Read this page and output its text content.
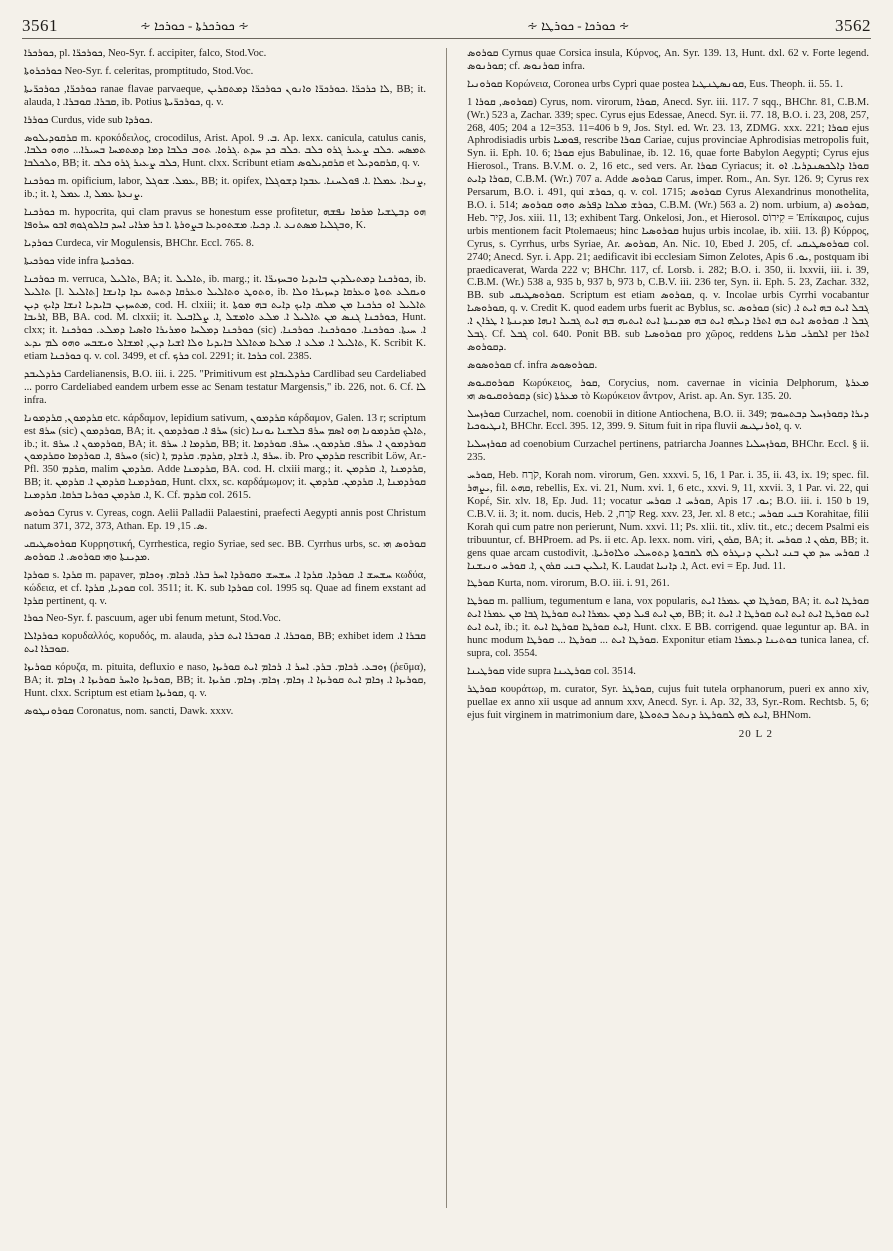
3561	∻ ܟܘܪܟܪܬܐ - ܟܘܪܟܐ ∻	∻ ܟܘܪܟܐ - ܟܘܪܛܐ ∻	3562

ܟܘܪܟܪܐ, pl. ܟܘܪܟܪ̈ܐ, Neo-Syr. f. accipiter, falco, Stod.Voc.

ܟܘܪܟܪܘܬܐ Neo-Syr. f. celeritas, promptitudo, Stod.Voc.

ܟܘܪܟܪ̈ܐ, ܟܘܪܟܪ̈ܝܬܐ ranae flavae parvaeque, ܠܐ ܟܪܟܪ̈ܐ .ܟܘܪܟܪ̈ܐ ܘܐܢܘܢ ܟܘܪܟܪ̈ܐ ܕܡܬܩܪܝܢ, BB; it. alauda, ܩܒܪܐ. ܩܘܒܪܐ. ܐ, ib. Potius ܟܘܪܟܪ̈ܝܬܐ, q. v.

ܟܘܪܪܐ Curdus, vide sub ܟܘܪܕܐ.

ܩܪܩܘܕܝܠܘܣ m. κροκόδειλος, crocodilus, Arist. Apol. ܒ. 9. Ap. lexx. canicula, catulus canis, ܬܡܣܚ .ܟܠܒ ܨܥܝܪ ܓܪܘ ܟܠܒ .ܟܠܒ ܟܕ ܚܕܬ .ܓܪܘܐ. ܬܘܒ ܟܠܒܐ ܕܡܐ ܕܡܬܡܚܐ ܒܚܝܪܐ... ܘܗܘ ܟܠܒܐ. ܘܠܟܠܒܐ, BB; it. ܟܠܒ ܨܥܝܪ ܓܪܘ ܟܠܒ, Hunt. clxx. Scribunt etiam ܩܪܩܕܝܠܘܣ et ܩܪܩܘܕܝܠ, q. v.

ܟܘܪܟܢܐ m. opificium, labor, ܥܡܠ. ܫܘܓܠ, BB; it. opifex, ܨܢܥܐ. ܥܡܠܐ .ܐ. ܦܘܠܚܢܐ. ܥܒܕܐ ܕܫܘܓܠܐ, ib.; it. ܨܢܥܬܐ ܥܡܠ ,ܐ. ܥܡܠ ,ܐ.

ܟܘܪܟܢܐ m. hypocrita, qui clam pravus se honestum esse profitetur, ܗܘ ܕܒܛܫܝܐ ܡܪܡܐ ܢܦܫܗ ܘܒܓܠܝܐ ܡܣܬܢܥ .ܐ. ܕܟܝܐ. ܡܫܬܘܕܥܐ ܒܨܘܪܬܐ .ܐ ܒܪ ܡܪܐܝ ܐܚܕ ܒܐܠܘܓܘܗ ܐܒܘ ܚܪܘܦܐ, K.

ܟܘܪܕܝܐ Curdeca, vir Mogulensis, BHChr. Eccl. 765. 8.

ܟܘܪܟܝܬܐ vide infra ܟܘܪܟܝܬܐ.

ܟܘܪܟܢܐ m. verruca, ܬܐܠܝܠ, BA; it. ܬܐܠܝܠ, ib. marg.; it. ܟܘܪܟܢܐ ܕܡܬܝܠܕܝܢ ܒܐܝܕܝܐ ܘܒܚܙܝܪ̈ܐ, ib. ܬܐܠܝܠ [l. ܬܐܠܝܠ] ܘܬܘܛ ܘܬܐܠܝܠ ܘܥܪܩܐ ܕܬܚܬ ܝܕܐ ܕܐܢܫܐ, ib. ܘܝܩܠܥ ܬܘܬܐ ܘܥܪܩܐ ܕܚܙܝܪܐ ܘܠܐ ܡܬܚܙܝܢ ܒܐܝܕܝܐ ܐܢܫܐ ܕܐܝܟ ܕܝܢ, cod. H. clxiii; it. ܬܐܠܝܠ ܐܘ ܟܪܟܢܐ ܡܢ ܡܠܩ ܕܐܝܟ ܕܐܝܬ ܒܗ ܡܘܬܐ ܐܪܝܒܐ, BB, BA. cod. M. clxxii; it. ܟܘܪܟܢܐ ܓܢܣ ܡܢ ܬܐܠܝܠ ܐ. ܡܠܥ ܘܐܡܫܠ ,ܐ. ܨܠܐܒܝܠ, Hunt. clxx; it. ܟܘܪܟܢܐ ܕܡܠܚܐ ܘܡܪܝܪܐ ܘܐܣܝܐ ܕܡܠܥ. ܟܘܪܟܢܐ (sic) ܐ. ܚܝܬܐ. ܟܘܪܟܢܐ. ܘܟܘܪܟܢܐ. ܟܘܪܟܢܐ. ܬܐܠܝܠ ܐ. ܡܠܥ ܐ. ܡܠܥܐ ܡܬܐܠܠ ܒܐܝܕܝܐ ܘܠܐ ܐܫܝܐ ܕܝܢ, ܐܡܫܐܠ ܘܝܫܒܚ ܘܗܘ ܠܡ ܝܕܥ, K. Scribit K. etiam ܟܘܪܟܢܐ q. v. col. 3499, et cf. ܟܪܟ col. 2291; it. ܟܪܟܐ col. 2385.

ܟܪܕܠܝܒܕ Cardelianensis, B.O. iii. i. 225. "Primitivum est ܟܪܕܠܝܒܐܕ Cardlibad seu Cardeliabed ... porro Cardeliabed eandem urbem esse ac Senam testatur Margensis," ib. 226, not. 6. Cf. ܠܐ infra.

ܩܪܕܡܘܢ, ܩܪܕܡܘܢܐ etc. κάρδαμον, lepidium sativum, ܩܪܕܡܘܢ κάρδαμον, Galen. 13 r; scriptum est ܚܪܦ (sic) ܩܘܪܕܡܘܢ, BA; it. ܚܪܦ ܐ. ܩܘܪܕܡܘܢ (sic) ܬܐܠܟ ܩܪܕܡܘܢܐ ܗܘ ܐܣܡ ܚܪܦ ܒܠܫܢܐ ܝܘܢܝܐ, ib.; it. ܩܘܪܕܡܘܢ ܐ. ܚܪܦ, BA; it. ܩܪܕܡܐ ܐ. ܚܪܦ, BB; it. ܩܘܪܕܡܘܢ ܐ. ܚܪܦ. ܩܪܕܡܘܢ. ܚܪܦ. ܩܘܪܕܡܐ ܘܚܪܦ ,ܐ. ܩܘܪܕܡܐ ܘܩܪܕܡܘܢ (sic) ܚܪܦ ,ܐ. ܪܫܐܕ ,ܩܪܕܡ. ܩܪܕܡ ,ܐ. ib. Pro ܩܪܕܡܢ rescribit Löw, Ar.-Pfl. 350 ܩܪܕܡ, malim ܩܪܕܡܢ. Adde ܩܪܕܡܢܐ, BA. cod. H. clxiii marg.; it. ܩܪܕܡܢܐ ,ܐ. ܩܪܕܡܢ, BB; it. ܩܘܪܕܡܢܐ ܩܪܕܡܢ ܐ. ܩܪܕܡܢ, Hunt. clxx, sc. καρδάμωμον; it. ܩܘܪܕܡܢܐ ,ܐ. ܩܪܕܡܢ. ܩܪܕܡܢ ܐ. ܩܪܕܡܢ ܟܘܪܝܐ ܒܪܩܐ. ܩܪܕܡܢܐ, K. Cf. ܩܪܕܡ col. 2615.

ܟܘܪܘܣ Cyrus v. Cyreas, cogn. Aelii Palladii Palaestini, praefecti Aegypti annis post Christum natum 371, 372, 373, Athan. Ep. ܣ. 15, 19.

ܩܘܪܘܣܛܝܩܝ Κυρρηστική, Cyrrhestica, regio Syriae, sed sec. BB. Cyrrhus urbs, sc. ܩܘܪܘܣ ܗܝ ܡܕܝܢܬܐ ܘܗܝ ܩܘܪܘܣ. ܐ. ܩܘܪܘܣ.

ܩܘܪܕܐ s. ܩܪܕܐ m. papaver, ܚܫܚܫ ܐ. ܩܘܪܕܐ. ܩܪܕܐ ܐ. ܚܫܚܫ ܘܩܘܪܕܐ ܐܚܪ ܒܪܐ. ܪܟܐܡ. ܙܘܟܐܡ κωδύα, κώδεια, et cf. ܩܘܕܝܐ, ܩܪܕܐ col. 3511; it. K. sub ܩܘܪܕܐ col. 1995 sq. Quae ad finem exstant ad ܩܪܕܐ pertinent, q. v.

ܟܘܪܐ Neo-Syr. f. pascuum, ager ubi fenum metunt, Stod.Voc.

ܟܘܪܕܐܠܐ κορυδαλλός, κορυδός, m. alauda, ܩܘܒܪܐ. ܐ. ܩܘܒܪܐ ܐܝܬ ܒܪܕ, BB; exhibet idem ܩܒܪܐ ܐ. ܩܘܒܪܐ ܐܝܬ.

ܩܘܪܝܙܐ κόρυζα, m. pituita, defluxio e naso, ܙܘܒܥ. ܪܟܐܡ. ܒܪܕ. ܐܚܪ ܐ. ܪܟܐܡ ܐܝܬ ܩܘܪܝܙܐ (ῥεῦμα), BA; it. ܩܘܪܝܙܐ ܘܐܚܪ ܩܘܪܝܙܐ ܐ. ܙܟܐܡ, BB; it. ܩܘܪܝܙܐ ܐ. ܙܟܐܡ ܐܝܬ ܩܘܪܝܙܐ ܐ. ܙܟܐܡ. ܙܟܐܡ. ܙܟܐܡ. ܩܪܝܙܐ, Hunt. clxx. Scriptum est etiam ܩܘܪܝܙܐ, q. v.

ܩܘܪܘܢܛܘܣ Coronatus, nom. sancti, Dawk. xxxv.

ܩܘܪܘܣ Cyrnus quae Corsica insula, Κύρνος, An. Syr. 139. 13, Hunt. dxl. 62 v. Forte legend. ܩܘܪܢܘܣ; cf. ܩܘܪܢܘܣ infra.

ܩܘܪܘܢܝܐ Κορώνεια, Coronea urbs Cypri quae postea ܩܘܢܣܛܢܛܝܐ, Eus. Theoph. ii. 55. 1.

ܩܘܪܘܣ, ܩܘܪܐ 1) Cyrus, nom. virorum, ܩܘܪܐ, Anecd. Syr. iii. 117. 7 sqq., BHChr. 81, C.B.M. (Wr.) 523 a, Zachar. 339; spec. Cyrus ejus Edessae, Anecd. Syr. ii. 77. 18, B.O. i. 23, 208, 257, 268, 405; 204 a 12=353. 11=406 b 9, Jos. Styl. ed. Wr. 23. 13, ZDMG. xxx. 221; ܩܘܪܐ ejus Aphrodisiadis urbis ܦܘܡܝܐ, rescribe ܩܘܪܐ Cariae, cujus provinciae Aphrodisias metropolis fuit, Syn. ii. Eph. 10. 6; ܩܘܪܐ ejus Babulinae, ib. 12. 16, quae forte Babylon Aegypti; Cyrus ejus Hierosol., Trans. B.V.M. o. 2, 16 etc., sed vers. Ar. ܩܘܪܐ Cyriacus; it. ܩܘܪܐ ܕܐܠܟܣܢܕܪܝܐ. ܐܘ ܩܘܪܐ ܕܐܝܬ, C.B.M. (Wr.) 707 a. Adde ܩܘܪܘܣ Carus, imper. Rom., An. Syr. 126. 9; Cyrus rex Persarum, B.O. i. 491, qui ܟܘܪܫ, q. v. col. 1715; ܩܘܪܘܣ Cyrus Alexandrinus monothelita, B.O. i. 514; ܟܘܪܫ ܡܠܟܐ ܕܦܪܣ ܘܗܘ ܩܘܪܘܣ, C.B.M. (Wr.) 563 a. 2) nom. urbium, a) ܩܘܪܘܣ, Heb. קִיר, Jos. xiii. 11, 13; exhibent Targ. Onkelosi, Jon., et Hierosol. קִירוֹס = Ἐπίκαιρος, cujus urbis mentionem facit Ptolemaeus; hinc ܩܘܪܘܣܝܐ hujus urbis incolae, ib. xiii. 13. β) Κύρρος, Cyrus, s. Cyrrhus, urbs Syriae, Ar. ܩܘܪܘܣ, An. Nic. 10, Ebed J. 205, cf. ܩܘܪܘܣܛܝܩܝ col. 2740; Anecd. Syr. i. App. 21; aedificavit ibi ecclesiam Simon Zelotes, Apis ܝܘ. 6, postquam ibi praedicaverat, Warda 222 v; BHChr. 117, cf. Lorsb. i. 282; B.O. i. 350, ii. lxxvii, iii. i. 39, C.B.M. (Wr.) 538 a, 935 b, 937 b, 973 b, C.B.V. iii. 236 ter, Syn. ii. Eph. 5. 23, Zachar. 332, BB. sub ܩܘܪܘܣܛܝܩܝ. Scriptum est etiam ܩܘܪܘܣ, q. v. Incolae urbis Cyrrhi vocabantur ܩܘܪܘܣܝܐ, q. v. Credit K. quod eadem urbs fuerit ac Byblus, sc. ܩܘܪܘܣ (sic) ܓܒܠ ܐܝܬ ܒܗ ܐܝܬ ܐ. ܓܒܠ ܐ. ܩܘܪܘܣ ܐܝܬ ܒܗ ܐܬܪܐ ܕܝܠܗ ܐܝܬ ܒܗ ܡܕܝܢܬܐ ܐܝܬ ܐܝܬܝܗ ܒܗ ܐܝܬ ܓܒܝܠ ܐܢܗܐ ܡܕܝܢܬܐ ܐ ܛܪܐܢ ܐ. ܓܒܠ. Cf. ܓܒܠ col. 640. Ponit BB. sub ܩܘܪܘܣܝܐ pro χῶρος, reddens ܐܠܩܪܝ ܩܪܝܐ per ܐܬܪܐ ܕܩܘܪܘܣ.

ܩܘܪܘܣܘܣ cf. infra ܩܘܪܘܣܘܣ.

ܩܘܪܘܩܝܘܣ Κωρύκειος, ܩܘܪ, Corycius, nom. cavernae in vicinia Delphorum, ܡܥܪܬܐ ܕܩܘܪܘܩܝܘܣ ܗܝ (sic) ܡܥܪܬܐ τὸ Κωρύκειον ἄντρον, Arist. ap. An. Syr. 135. 20.

ܩܘܪܙܚܠ Curzachel, nom. coenobii in ditione Antiochena, B.O. ii. 349; ܕܝܪܐ ܕܩܘܪܙܚܠ ܕܒܬܚܘܡ ܐܢܛܝܘܟܝܐ, BHChr. Eccl. 395. 12, 399. 9. Situm fuit in ripa fluvii ܐܘܪܢܛܝܣ, q. v.

ܩܘܪܙܚܠܝܐ ad coenobium Curzachel pertinens, patriarcha Joannes ܩܘܪܙܚܠܝܐ, BHChr. Eccl. § ii. 235.

ܩܘܪܚ, Heb. קֹרַח, Korah nom. virorum, Gen. xxxvi. 5, 16, 1 Par. i. 35, ii. 43, ix. 19; spec. fil. ܝܨܗܪ, fil. ܩܗܬ, rebellis, Ex. vi. 21, Num. xvi. 1, 6 etc., xxvi. 9, 11, xxvii. 3, 1 Par. vi. 22, qui Κορέ, Sir. xlv. 18, Ep. Jud. 11; vocatur ܩܘܪܚ ܐ. ܩܘܪܚ, Apis ܝܘ. 17; B.O. iii. i. 150 b 19, C.B.V. ii. 3; it. nom. ducis, Heb. קֹרַח, 2 Reg. xxv. 23, Jer. xl. 8 etc.; ܒܢܝ ܩܘܪܚ Korahitae, filii Korah qui cum patre non perierunt, Num. xxvi. 11; Ps. xlii. tit., xliv. tit., etc.; decem Psalmi eis tribuuntur, cf. BHProem. ad Ps. ii etc. Ap. lexx. nom. viri, ܩܪܘܢ, BA; it. ܩܪܘܢ ܐ. ܩܘܪܚ, BB; it. gens quae arcam custodivit, ܐ. ܩܘܪܚ ܚܕ ܡܢ ܒܢܝ ܐܝܠܝܢ ܕܢܛܪܘ ܠܗ ܠܩܒܘܬܐ ܕܬܘܚܠܝ ܘܠܐܘܪܝܬܐ. ܐܝܠܝܢ ܒܢܝ ܩܪܘܢ ,ܐ. ܩܘܪܚ ܘܢܝܫܢܐ, K. Laudat ܐ. ܕܐܢܝܐ, Act. evi = Ep. Jud. 11.

ܩܘܪܛܐ Kurta, nom. virorum, B.O. iii. i. 91, 261.

ܩܘܪܛܐ m. pallium, tegumentum e lana, vox popularis, ܩܘܪܛܐ ܡܢ ܥܡܪܐ ܐܝܬ, BA; it. ܩܘܪܛܐ ܐܝܬ ܡܢ ܐܝܬ ܦܝܠ ܕܡܢ ܥܡܪܐ ܐܝܬ ܩܘܪܛܐ ܓܒܐ ܡܢ ܥܡܪܐ ܐܝܬ, BB; it. ܐܝܬ ܩܘܪܛܐ ܐܝܬ ܐܝܬ ܐܝܬ ܩܘܪܛܐ ܐ. ܐܝܬ ܐܝܬ ܐܝܬ, ib.; it. ܐܝܬ ܩܘܪܛܐ ܩܘܪܛܐ ܐܝܬ, Hunt. clxx. E BB. corrigend. quae leguntur ap. BA. in hunc modum ܩܘܪܛܐ ܐܝܬ ... ܩܘܪܛܐ ... ܩܘܪܛܐ. Exponitur etiam ܟܘܬܝܢܐ ܕܥܡܪܐ tunica lanea, cf. supra, col. 3554.

ܩܘܪܛܝܢܐ vide supra ܩܘܪܛܝܢܐ col. 3514.

ܩܘܪܛܪ κουράτωρ, m. curator, Syr. ܩܘܪܛܪ, cujus fuit tutela orphanorum, pueri ex anno xiv, puellae ex anno xii usque ad annum xxv, Anecd. Syr. i. Ap. 32, 33, Syr.-Rom. Rechtsb. 5, 6; ejus fuit virginem in matrimonium dare, ܐܝܬ ܠܗ ܠܩܘܪܛܪ ܕܢܬܠ ܒܬܘܠܬܐ, BHNom.

20 L 2
